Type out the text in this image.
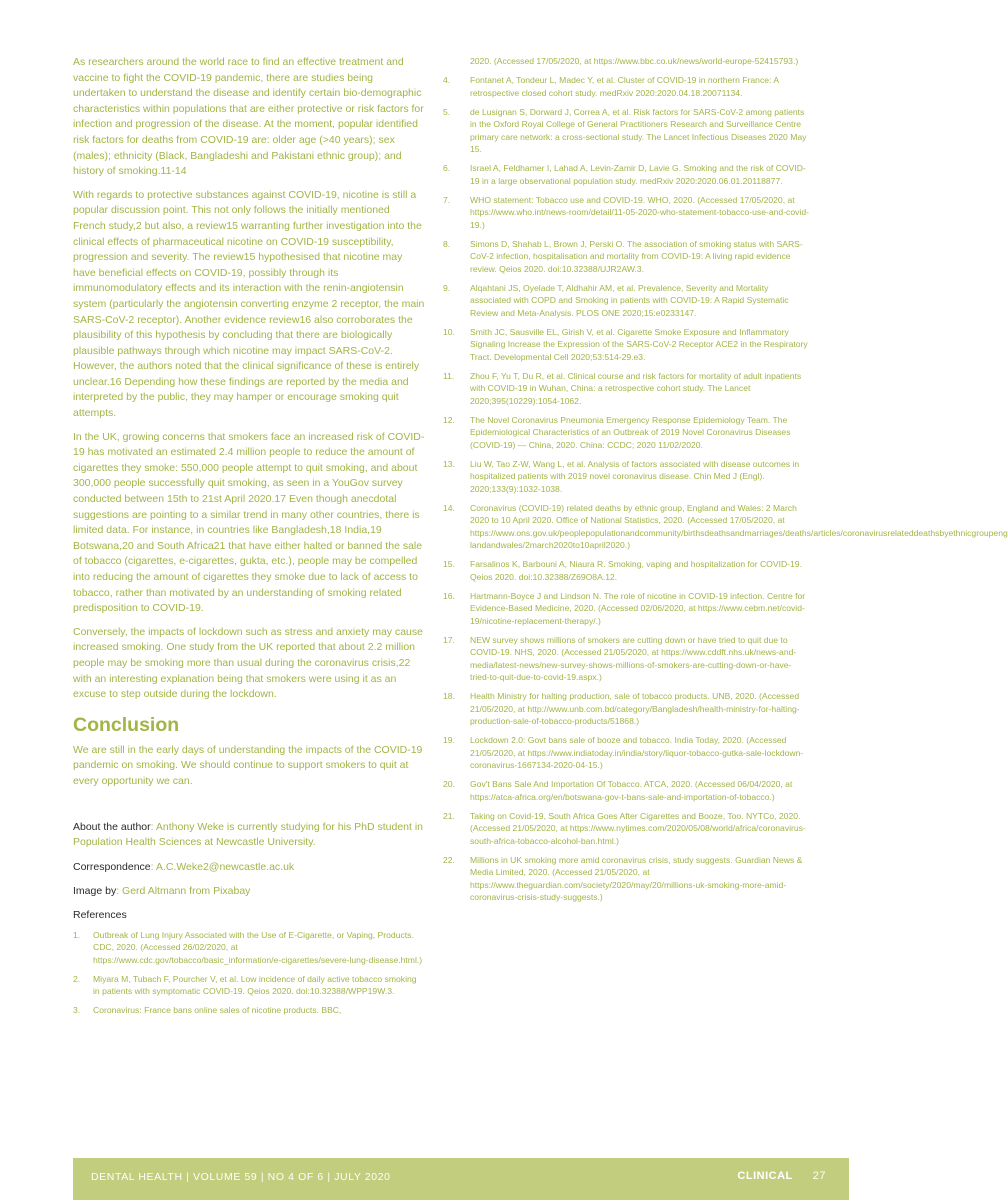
As researchers around the world race to find an effective treatment and vaccine to fight the COVID-19 pandemic, there are studies being undertaken to understand the disease and identify certain bio-demographic characteristics within populations that are either protective or risk factors for infection and progression of the disease. At the moment, popular identified risk factors for deaths from COVID-19 are: older age (>40 years); sex (males); ethnicity (Black, Bangladeshi and Pakistani ethnic group); and history of smoking.11-14

With regards to protective substances against COVID-19, nicotine is still a popular discussion point. This not only follows the initially mentioned French study,2 but also, a review15 warranting further investigation into the clinical effects of pharmaceutical nicotine on COVID-19 susceptibility, progression and severity. The review15 hypothesised that nicotine may have beneficial effects on COVID-19, possibly through its immunomodulatory effects and its interaction with the renin-angiotensin system (particularly the angiotensin converting enzyme 2 receptor, the main SARS-CoV-2 receptor). Another evidence review16 also corroborates the plausibility of this hypothesis by concluding that there are biologically plausible pathways through which nicotine may impact SARS-CoV-2. However, the authors noted that the clinical significance of these is entirely unclear.16 Depending how these findings are reported by the media and interpreted by the public, they may hamper or encourage smoking quit attempts.

In the UK, growing concerns that smokers face an increased risk of COVID-19 has motivated an estimated 2.4 million people to reduce the amount of cigarettes they smoke: 550,000 people attempt to quit smoking, and about 300,000 people successfully quit smoking, as seen in a YouGov survey conducted between 15th to 21st April 2020.17 Even though anecdotal suggestions are pointing to a similar trend in many other countries, there is limited data. For instance, in countries like Bangladesh,18 India,19 Botswana,20 and South Africa21 that have either halted or banned the sale of tobacco (cigarettes, e-cigarettes, gukta, etc.), people may be compelled into reducing the amount of cigarettes they smoke due to lack of access to tobacco, rather than motivated by an understanding of smoking related predisposition to COVID-19.

Conversely, the impacts of lockdown such as stress and anxiety may cause increased smoking. One study from the UK reported that about 2.2 million people may be smoking more than usual during the coronavirus crisis,22 with an interesting explanation being that smokers were using it as an excuse to step outside during the lockdown.

Conclusion

We are still in the early days of understanding the impacts of the COVID-19 pandemic on smoking. We should continue to support smokers to quit at every opportunity we can.

About the author: Anthony Weke is currently studying for his PhD student in Population Health Sciences at Newcastle University.

Correspondence: A.C.Weke2@newcastle.ac.uk

Image by: Gerd Altmann from Pixabay

References
1. Outbreak of Lung Injury Associated with the Use of E-Cigarette, or Vaping, Products. CDC, 2020. (Accessed 26/02/2020, at https://www.cdc.gov/tobacco/basic_information/e-cigarettes/severe-lung-disease.html.)
2. Miyara M, Tubach F, Pourcher V, et al. Low incidence of daily active tobacco smoking in patients with symptomatic COVID-19. Qeios 2020. doi:10.32388/WPP19W.3.
3. Coronavirus: France bans online sales of nicotine products. BBC,
2020. (Accessed 17/05/2020, at https://www.bbc.co.uk/news/world-europe-52415793.)
4. Fontanet A, Tondeur L, Madec Y, et al. Cluster of COVID-19 in northern France: A retrospective closed cohort study. medRxiv 2020:2020.04.18.20071134.
5. de Lusignan S, Dorward J, Correa A, et al. Risk factors for SARS-CoV-2 among patients in the Oxford Royal College of General Practitioners Research and Surveillance Centre primary care network: a cross-sectional study. The Lancet Infectious Diseases 2020 May 15.
6. Israel A, Feldhamer I, Lahad A, Levin-Zamir D, Lavie G. Smoking and the risk of COVID-19 in a large observational population study. medRxiv 2020:2020.06.01.20118877.
7. WHO statement: Tobacco use and COVID-19. WHO, 2020. (Accessed 17/05/2020, at https://www.who.int/news-room/detail/11-05-2020-who-statement-tobacco-use-and-covid-19.)
8. Simons D, Shahab L, Brown J, Perski O. The association of smoking status with SARS-CoV-2 infection, hospitalisation and mortality from COVID-19: A living rapid evidence review. Qeios 2020. doi:10.32388/UJR2AW.3.
9. Alqahtani JS, Oyelade T, Aldhahir AM, et al. Prevalence, Severity and Mortality associated with COPD and Smoking in patients with COVID-19: A Rapid Systematic Review and Meta-Analysis. PLOS ONE 2020;15:e0233147.
10. Smith JC, Sausville EL, Girish V, et al. Cigarette Smoke Exposure and Inflammatory Signaling Increase the Expression of the SARS-CoV-2 Receptor ACE2 in the Respiratory Tract. Developmental Cell 2020;53:514-29.e3.
11. Zhou F, Yu T, Du R, et al. Clinical course and risk factors for mortality of adult inpatients with COVID-19 in Wuhan, China: a retrospective cohort study. The Lancet 2020;395(10229):1054-1062.
12. The Novel Coronavirus Pneumonia Emergency Response Epidemiology Team. The Epidemiological Characteristics of an Outbreak of 2019 Novel Coronavirus Diseases (COVID-19) — China, 2020. China: CCDC; 2020 11/02/2020.
13. Liu W, Tao Z-W, Wang L, et al. Analysis of factors associated with disease outcomes in hospitalized patients with 2019 novel coronavirus disease. Chin Med J (Engl). 2020;133(9):1032-1038.
14. Coronavirus (COVID-19) related deaths by ethnic group, England and Wales: 2 March 2020 to 10 April 2020. Office of National Statistics, 2020. (Accessed 17/05/2020, at https://www.ons.gov.uk/peoplepopulationandcommunity/birthsdeathsandmarriages/deaths/articles/coronavirusrelateddeathsbyethnicgroupeng landandwales/2march2020to10april2020.)
15. Farsalinos K, Barbouni A, Niaura R. Smoking, vaping and hospitalization for COVID-19. Qeios 2020. doi:10.32388/Z69O8A.12.
16. Hartmann-Boyce J and Lindson N. The role of nicotine in COVID-19 infection. Centre for Evidence-Based Medicine, 2020. (Accessed 02/06/2020, at https://www.cebm.net/covid-19/nicotine-replacement-therapy/.)
17. NEW survey shows millions of smokers are cutting down or have tried to quit due to COVID-19. NHS, 2020. (Accessed 21/05/2020, at https://www.cddft.nhs.uk/news-and-media/latest-news/new-survey-shows-millions-of-smokers-are-cutting-down-or-have-tried-to-quit-due-to-covid-19.aspx.)
18. Health Ministry for halting production, sale of tobacco products. UNB, 2020. (Accessed 21/05/2020, at http://www.unb.com.bd/category/Bangladesh/health-ministry-for-halting-production-sale-of-tobacco-products/51868.)
19. Lockdown 2.0: Govt bans sale of booze and tobacco. India Today, 2020. (Accessed 21/05/2020, at https://www.indiatoday.in/india/story/liquor-tobacco-gutka-sale-lockdown-coronavirus-1667134-2020-04-15.)
20. Gov't Bans Sale And Importation Of Tobacco. ATCA, 2020. (Accessed 06/04/2020, at https://atca-africa.org/en/botswana-gov-t-bans-sale-and-importation-of-tobacco.)
21. Taking on Covid-19, South Africa Goes After Cigarettes and Booze, Too. NYTCo, 2020. (Accessed 21/05/2020, at https://www.nytimes.com/2020/05/08/world/africa/coronavirus-south-africa-tobacco-alcohol-ban.html.)
22. Millions in UK smoking more amid coronavirus crisis, study suggests. Guardian News & Media Limited, 2020. (Accessed 21/05/2020, at https://www.theguardian.com/society/2020/may/20/millions-uk-smoking-more-amid-coronavirus-crisis-study-suggests.)
DENTAL HEALTH | VOLUME 59 | NO 4 OF 6 | JULY 2020	CLINICAL 27
